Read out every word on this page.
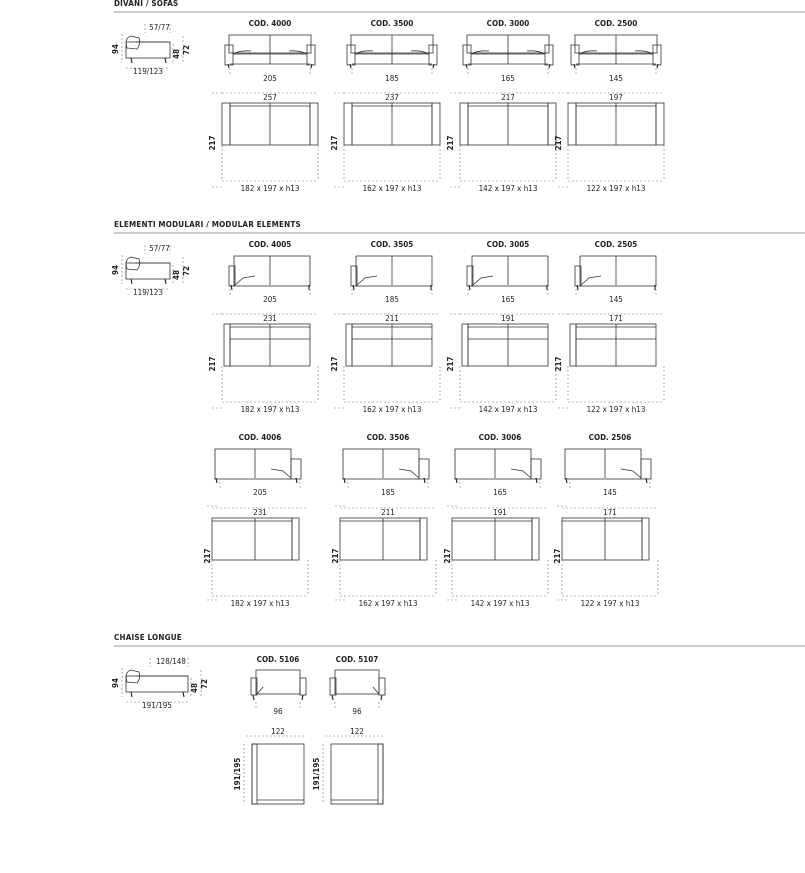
DIVANI / SOFAS
ELEMENTI MODULARI / MODULAR ELEMENTS
CHAISE LONGUE
57/77
94	48 72
119/123
57/77
94	48 72
119/123
128/148
94	48 72
191/195
COD. 4000
205
COD. 3500
185
COD. 3000
165
COD. 2500
145
257
182 x 197 x h13
217
237
162 x 197 x h13
217
217
142 x 197 x h13
217
197
122 x 197 x h13
217
COD. 4005
205
COD. 3505
185
COD. 3005
165
COD. 2505
145
231
182 x 197 x h13
217
211
162 x 197 x h13
217
191
142 x 197 x h13
217
171
122 x 197 x h13
217
COD. 4006
205
COD. 3506
185
COD. 3006
165
COD. 2506
145
231
182 x 197 x h13
217
211
162 x 197 x h13
217
191
142 x 197 x h13
217
171
122 x 197 x h13
217
COD. 5106
96
COD. 5107
96
122
191/195
122
191/195
